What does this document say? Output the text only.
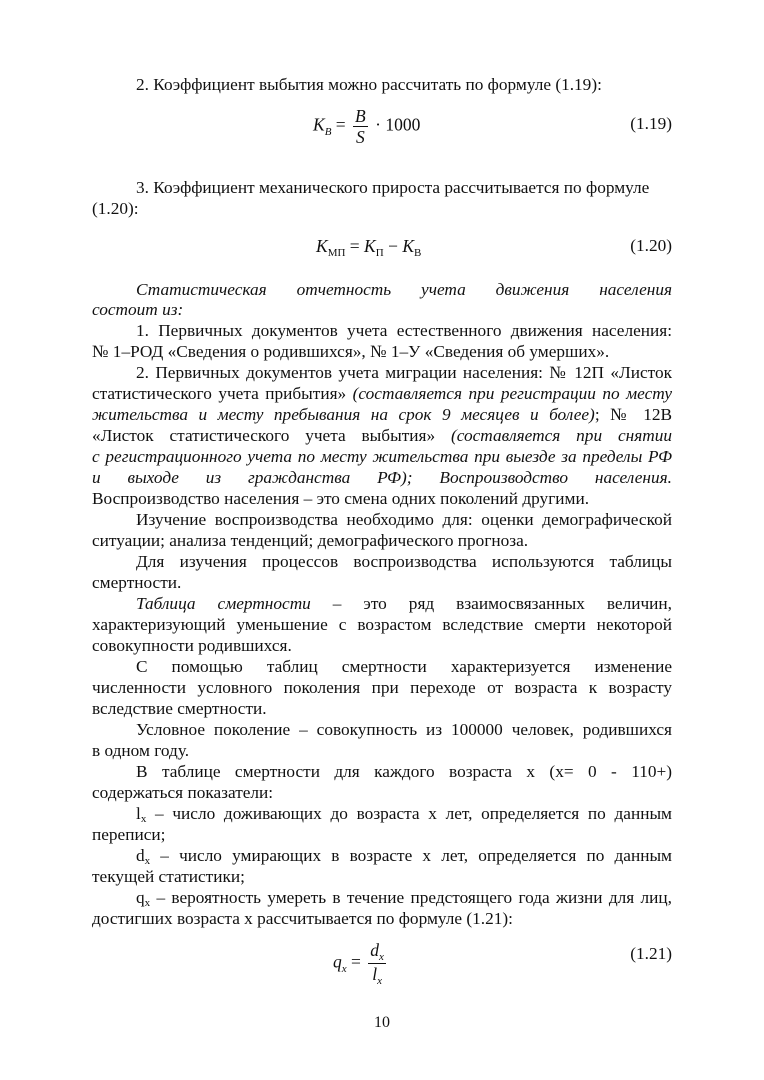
2. Коэффициент выбытия можно рассчитать по формуле (1.19):
$K_B = \frac{B}{S} \cdot 1000$	(1.19)
3. Коэффициент механического прироста рассчитывается по формуле
(1.20):
$K_{МП} = K_П - K_В$	(1.20)
Статистическая отчетность учета движения населения
состоит из:
1. Первичных документов учета естественного движения населения:
№ 1–РОД «Сведения о родившихся», № 1–У «Сведения об умерших».
2. Первичных документов учета миграции населения: № 12П «Листок
статистического учета прибытия» (составляется при регистрации по месту
жительства и месту пребывания на срок 9 месяцев и более); № 12В
«Листок статистического учета выбытия» (составляется при снятии
с регистрационного учета по месту жительства при выезде за пределы РФ
и выходе из гражданства РФ); Воспроизводство населения.
Воспроизводство населения – это смена одних поколений другими.
Изучение воспроизводства необходимо для: оценки демографической
ситуации; анализа тенденций; демографического прогноза.
Для изучения процессов воспроизводства используются таблицы
смертности.
Таблица смертности – это ряд взаимосвязанных величин,
характеризующий уменьшение с возрастом вследствие смерти некоторой
совокупности родившихся.
С помощью таблиц смертности характеризуется изменение
численности условного поколения при переходе от возраста к возрасту
вследствие смертности.
Условное поколение – совокупность из 100000 человек, родившихся
в одном году.
В таблице смертности для каждого возраста x (x= 0 - 110+)
содержаться показатели:
lx – число доживающих до возраста x лет, определяется по данным
переписи;
dx – число умирающих в возрасте x лет, определяется по данным
текущей статистики;
qx – вероятность умереть в течение предстоящего года жизни для лиц,
достигших возраста x рассчитывается по формуле (1.21):
$q_x = \frac{d_x}{l_x}$	(1.21)
10
